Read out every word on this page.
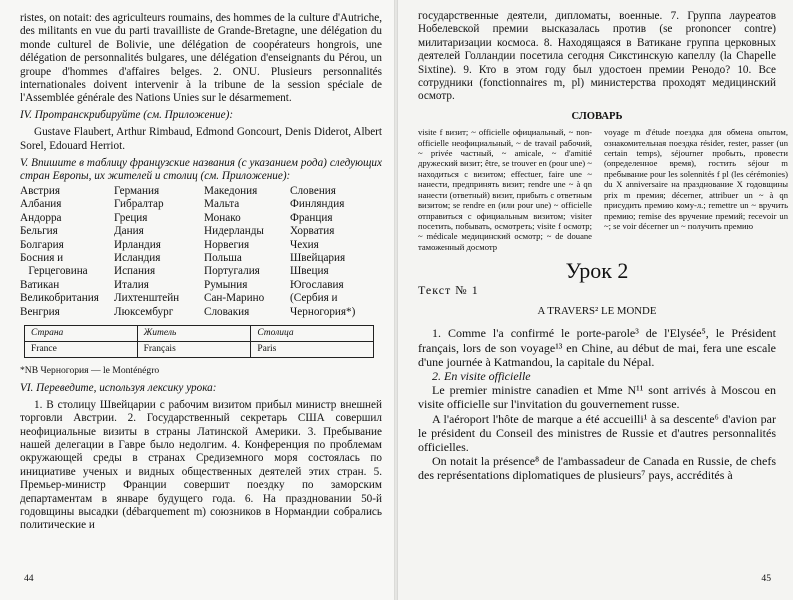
ristes, on notait: des agriculteurs roumains, des hommes de la culture d'Autriche, des militants en vue du parti travailliste de Grande-Bretagne, une délégation du monde culturel de Bolivie, une délégation de coopérateurs hongrois, une délégation de personnalités bulgares, une délégation d'enseignants du Pérou, un groupe d'hommes d'affaires belges. 2. ONU. Plusieurs personnalités internationales doivent intervenir à la tribune de la session spéciale de l'Assemblée générale des Nations Unies sur le désarmement.

IV. Протранскрибируйте (см. Приложение):

Gustave Flaubert, Arthur Rimbaud, Edmond Goncourt, Denis Diderot, Albert Sorel, Edouard Herriot.

V. Впишите в таблицу французские названия (с указанием рода) следующих стран Европы, их жителей и столиц (см. Приложение):

Австрия	Германия	Македония	Словения
Албания	Гибралтар	Мальта	Финляндия
Андорра	Греция	Монако	Франция
Бельгия	Дания	Нидерланды	Хорватия
Болгария	Ирландия	Норвегия	Чехия
Босния и	Исландия	Польша	Швейцария
Герцеговина	Испания	Португалия	Швеция
Ватикан	Италия	Румыния	Югославия
Великобритания	Лихтенштейн	Сан-Марино	(Сербия и
Венгрия	Люксембург	Словакия	Черногория*)
Страна	Житель	Столица
France	Français	Paris

*NB Черногория — le Monténégro

VI. Переведите, используя лексику урока:

1. В столицу Швейцарии с рабочим визитом прибыл министр внешней торговли Австрии. 2. Государственный секретарь США совершил неофициальные визиты в страны Латинской Америки. 3. Пребывание нашей делегации в Гавре было недолгим. 4. Конференция по проблемам окружающей среды в странах Средиземного моря состоялась по инициативе ученых и видных общественных деятелей этих стран. 5. Премьер-министр Франции совершит поездку по заморским департаментам в январе будущего года. 6. На праздновании 50-й годовщины высадки (débarquement m) союзников в Нормандии собрались политические и

44

государственные деятели, дипломаты, военные. 7. Группа лауреатов Нобелевской премии высказалась против (se prononcer contre) милитаризации космоса. 8. Находящаяся в Ватикане группа церковных деятелей Голландии посетила сегодня Сикстинскую капеллу (la Chapelle Sixtine). 9. Кто в этом году был удостоен премии Ренодо? 10. Все сотрудники (fonctionnaires m, pl) министерства проходят медицинский осмотр.

СЛОВАРЬ

visite f визит; ~ officielle официальный, ~ non-officielle неофициальный, ~ de travail рабочий, ~ privée частный, ~ amicale, ~ d'amitié дружеский визит; être, se trouver en (pour une) ~ находиться с визитом; effectuer, faire une ~ нанести, предпринять визит; rendre une ~ à qn нанести (ответный) визит, прибыть с ответным визитом; se rendre en (или pour une) ~ officielle отправиться с официальным визитом; visiter посетить, побывать, осмотреть; visite f осмотр; ~ médicale медицинский осмотр; ~ de douane таможенный досмотр

voyage m d'étude поездка для обмена опытом, ознакомительная поездка résider, rester, passer (un certain temps), séjourner пробыть, провести (определенное время), гостить séjour m пребывание pour les solennités f pl (les cérémonies) du X anniversaire на празднование X годовщины prix m премия; décerner, attribuer un ~ à qn присудить премию кому-л.; remettre un ~ вручить премию; remise des вручение премий; recevoir un ~; se voir décerner un ~ получить премию

Урок 2
Текст № 1
A TRAVERS² LE MONDE

1. Comme l'a confirmé le porte-parole³ de l'Elysée⁵, le Président français, lors de son voyage¹³ en Chine, au début de mai, fera une escale d'une journée à Katmandou, la capitale du Népal.

2. En visite officielle

Le premier ministre canadien et Mme N¹¹ sont arrivés à Moscou en visite officielle sur l'invitation du gouvernement russe.

A l'aéroport l'hôte de marque a été accueilli¹ à sa descente⁶ d'avion par le président du Conseil des ministres de Russie et d'autres personnalités officielles.

On notait la présence⁸ de l'ambassadeur de Canada en Russie, de chefs des représentations diplomatiques de plusieurs⁷ pays, accrédités à

45
